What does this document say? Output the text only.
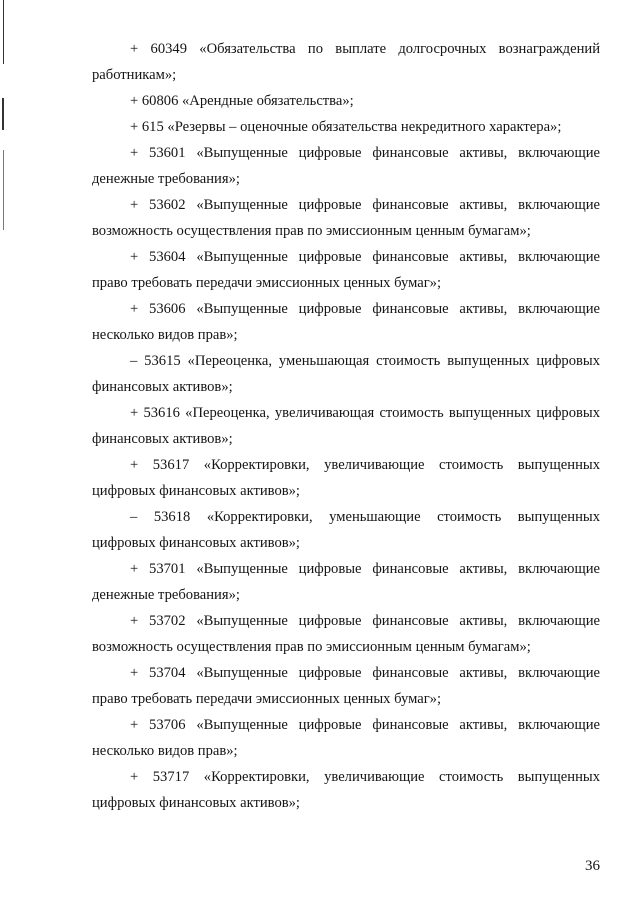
+ 60349 «Обязательства по выплате долгосрочных вознаграждений
работникам»;
+ 60806 «Арендные обязательства»;
+ 615 «Резервы – оценочные обязательства некредитного характера»;
+ 53601 «Выпущенные цифровые финансовые активы, включающие
денежные требования»;
+ 53602 «Выпущенные цифровые финансовые активы, включающие
возможность осуществления прав по эмиссионным ценным бумагам»;
+ 53604 «Выпущенные цифровые финансовые активы, включающие
право требовать передачи эмиссионных ценных бумаг»;
+ 53606 «Выпущенные цифровые финансовые активы, включающие
несколько видов прав»;
– 53615 «Переоценка, уменьшающая стоимость выпущенных цифровых
финансовых активов»;
+ 53616 «Переоценка, увеличивающая стоимость выпущенных цифровых
финансовых активов»;
+ 53617 «Корректировки, увеличивающие стоимость выпущенных
цифровых финансовых активов»;
– 53618 «Корректировки, уменьшающие стоимость выпущенных
цифровых финансовых активов»;
+ 53701 «Выпущенные цифровые финансовые активы, включающие
денежные требования»;
+ 53702 «Выпущенные цифровые финансовые активы, включающие
возможность осуществления прав по эмиссионным ценным бумагам»;
+ 53704 «Выпущенные цифровые финансовые активы, включающие
право требовать передачи эмиссионных ценных бумаг»;
+ 53706 «Выпущенные цифровые финансовые активы, включающие
несколько видов прав»;
+ 53717 «Корректировки, увеличивающие стоимость выпущенных
цифровых финансовых активов»;
36
